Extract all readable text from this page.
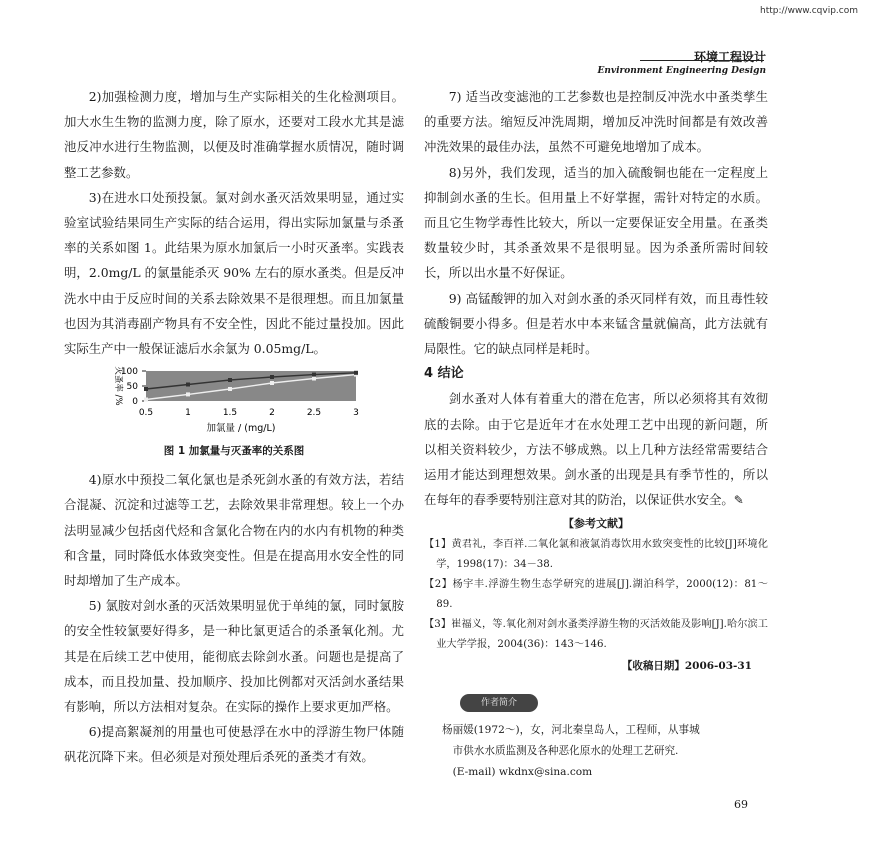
http://www.cqvip.com
环境工程设计
Environment Engineering Design

2)加强检测力度，增加与生产实际相关的生化检测项目。加大水生生物的监测力度，除了原水，还要对工段水尤其是滤池反冲水进行生物监测，以便及时准确掌握水质情况，随时调整工艺参数。

3)在进水口处预投氯。氯对剑水蚤灭活效果明显，通过实验室试验结果同生产实际的结合运用，得出实际加氯量与杀蚤率的关系如图 1。此结果为原水加氯后一小时灭蚤率。实践表明，2.0mg/L 的氯量能杀灭 90% 左右的原水蚤类。但是反冲洗水中由于反应时间的关系去除效果不是很理想。而且加氯量也因为其消毒副产物具有不安全性，因此不能过量投加。因此实际生产中一般保证滤后水余氯为 0.05mg/L。

0
50
100
0.5	1	1.5	2	2.5	3
加氯量 / (mg/L)
灭蚤率 /%
图 1 加氯量与灭蚤率的关系图

4)原水中预投二氧化氯也是杀死剑水蚤的有效方法，若结合混凝、沉淀和过滤等工艺，去除效果非常理想。较上一个办法明显减少包括卤代烃和含氯化合物在内的水内有机物的种类和含量，同时降低水体致突变性。但是在提高用水安全性的同时却增加了生产成本。

5) 氯胺对剑水蚤的灭活效果明显优于单纯的氯，同时氯胺的安全性较氯要好得多，是一种比氯更适合的杀蚤氧化剂。尤其是在后续工艺中使用，能彻底去除剑水蚤。问题也是提高了成本，而且投加量、投加顺序、投加比例都对灭活剑水蚤结果有影响，所以方法相对复杂。在实际的操作上要求更加严格。

6)提高絮凝剂的用量也可使悬浮在水中的浮游生物尸体随矾花沉降下来。但必须是对预处理后杀死的蚤类才有效。

7) 适当改变滤池的工艺参数也是控制反冲洗水中蚤类孳生的重要方法。缩短反冲洗周期，增加反冲洗时间都是有效改善冲洗效果的最佳办法，虽然不可避免地增加了成本。

8)另外，我们发现，适当的加入硫酸铜也能在一定程度上抑制剑水蚤的生长。但用量上不好掌握，需针对特定的水质。而且它生物学毒性比较大，所以一定要保证安全用量。在蚤类数量较少时，其杀蚤效果不是很明显。因为杀蚤所需时间较长，所以出水量不好保证。

9) 高锰酸钾的加入对剑水蚤的杀灭同样有效，而且毒性较硫酸铜要小得多。但是若水中本来锰含量就偏高，此方法就有局限性。它的缺点同样是耗时。

4 结论

剑水蚤对人体有着重大的潜在危害，所以必须将其有效彻底的去除。由于它是近年才在水处理工艺中出现的新问题，所以相关资料较少，方法不够成熟。以上几种方法经常需要结合运用才能达到理想效果。剑水蚤的出现是具有季节性的，所以在每年的春季要特别注意对其的防治，以保证供水安全。✎

【参考文献】

【1】黄君礼，李百祥.二氧化氯和液氯消毒饮用水致突变性的比较[J]环境化学，1998(17)：34－38.

【2】杨宇丰.浮游生物生态学研究的进展[J].湖泊科学，2000(12)：81～89.

【3】崔福义，等.氧化剂对剑水蚤类浮游生物的灭活效能及影响[J].哈尔滨工业大学学报，2004(36)：143～146.

【收稿日期】2006-03-31

作者简介

杨丽媛(1972～)，女，河北秦皇岛人，工程师，从事城

市供水水质监测及各种恶化原水的处理工艺研究.

(E-mail) wkdnx@sina.com

69
